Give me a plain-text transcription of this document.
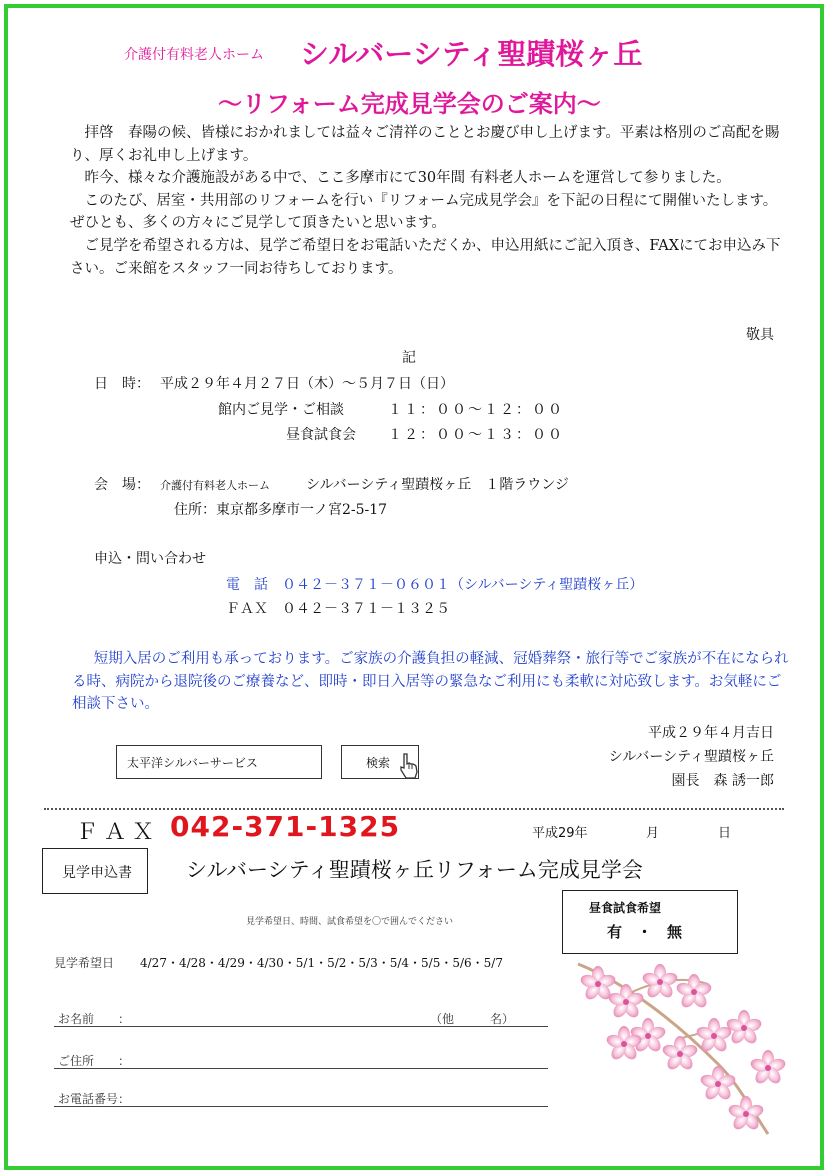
介護付有料老人ホーム シルバーシティ聖蹟桜ヶ丘
～リフォーム完成見学会のご案内～

拝啓　春陽の候、皆様におかれましては益々ご清祥のこととお慶び申し上げます。平素は格別のご高配を賜り、厚くお礼申し上げます。

昨今、様々な介護施設がある中で、ここ多摩市にて30年間 有料老人ホームを運営して参りました。

このたび、居室・共用部のリフォームを行い『リフォーム完成見学会』を下記の日程にて開催いたします。ぜひとも、多くの方々にご見学して頂きたいと思います。

ご見学を希望される方は、見学ご希望日をお電話いただくか、申込用紙にご記入頂き、FAXにてお申込み下さい。ご来館をスタッフ一同お待ちしております。

敬具
記
日　時： 平成２９年４月２７日（木）～５月７日（日）
館内ご見学・ご相談	１１：００～１２：００
昼食試食会 １２：００～１３：００
会　場： 介護付有料老人ホーム	シルバーシティ聖蹟桜ヶ丘　１階ラウンジ
住所：東京都多摩市一ノ宮2-5-17
申込・問い合わせ
電　話　０４２－３７１－０６０１（シルバーシティ聖蹟桜ヶ丘）
ＦＡＸ　０４２－３７１－１３２５

短期入居のご利用も承っております。ご家族の介護負担の軽減、冠婚葬祭・旅行等でご家族が不在になられる時、病院から退院後のご療養など、即時・即日入居等の緊急なご利用にも柔軟に対応致します。お気軽にご相談下さい。

平成２９年４月吉日
シルバーシティ聖蹟桜ヶ丘
園長　森 誘一郎
太平洋シルバーサービス	検索
ＦＡＸ 042-371-1325	平成29年	月	日
見学申込書	シルバーシティ聖蹟桜ヶ丘リフォーム完成見学会
見学希望日、時間、試食希望を〇で囲んでください
昼食試食希望
有　・　無
見学希望日 4/27・4/28・4/29・4/30・5/1・5/2・5/3・5/4・5/5・5/6・5/7
お名前　　：	（他　　　名）
ご住所　　：
お電話番号：
